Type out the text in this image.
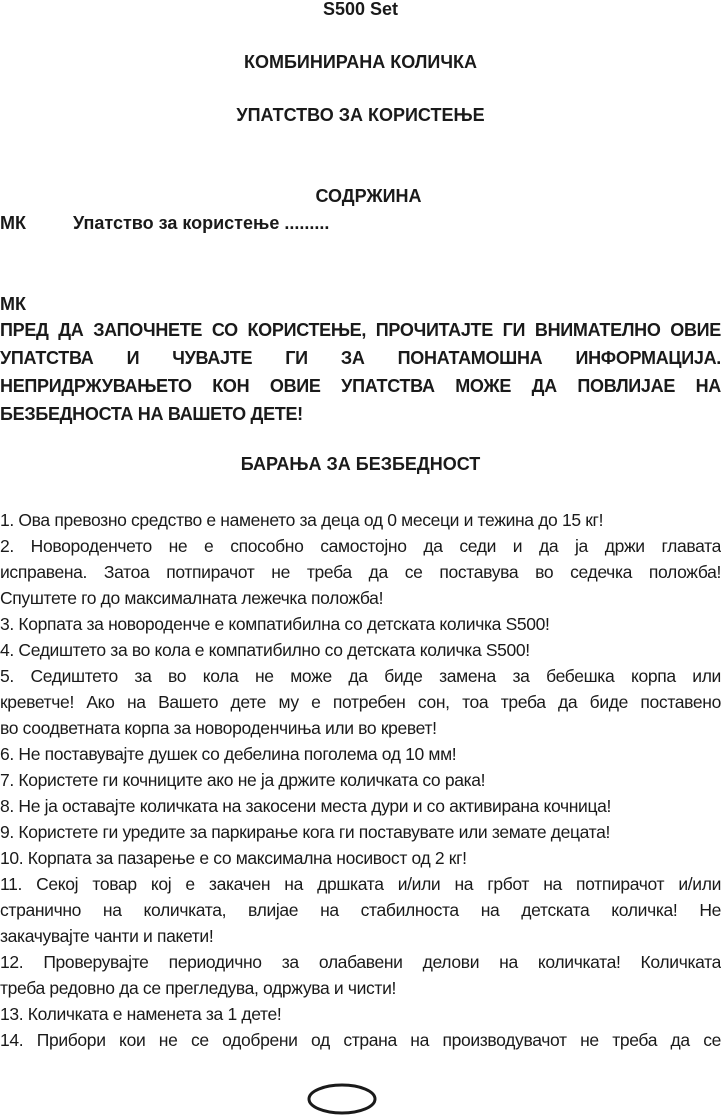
S500 Set
КОМБИНИРАНА КОЛИЧКА
УПАТСТВО ЗА КОРИСТЕЊЕ
СОДРЖИНА
МК	Упатство за користење .........
МК
ПРЕД ДА ЗАПОЧНЕТЕ СО КОРИСТЕЊЕ, ПРОЧИТАЈТЕ ГИ ВНИМАТЕЛНО ОВИЕ
УПАТСТВА И ЧУВАЈТЕ ГИ ЗА ПОНАТАМОШНА ИНФОРМАЦИЈА.
НЕПРИДРЖУВАЊЕТО КОН ОВИЕ УПАТСТВА МОЖЕ ДА ПОВЛИЈАЕ НА
БЕЗБЕДНОСТА НА ВАШЕТО ДЕТЕ!
БАРАЊА ЗА БЕЗБЕДНОСТ
1. Ова превозно средство е наменето за деца од 0 месеци и тежина до 15 кг!
2. Новороденчето не е способно самостојно да седи и да ја држи главата
исправена. Затоа потпирачот не треба да се поставува во седечка положба!
Спуштете го до максималната лежечка положба!
3. Корпата за новороденче е компатибилна со детската количка S500!
4. Седиштето за во кола е компатибилно со детската количка S500!
5. Седиштето за во кола не може да биде замена за бебешка корпа или
креветче! Ако на Вашето дете му е потребен сон, тоа треба да биде поставено
во соодветната корпа за новороденчиња или во кревет!
6. Не поставувајте душек со дебелина поголема од 10 мм!
7. Користете ги кочниците ако не ја држите количката со рака!
8. Не ја оставајте количката на закосени места дури и со активирана кочница!
9. Користете ги уредите за паркирање кога ги поставувате или земате децата!
10. Корпата за пазарење е со максимална носивост од 2 кг!
11. Секој товар кој е закачен на дршката и/или на грбот на потпирачот и/или
странично на количката, влијае на стабилноста на детската количка! Не
закачувајте чанти и пакети!
12. Проверувајте периодично за олабавени делови на количката! Количката
треба редовно да се прегледува, одржува и чисти!
13. Количката е наменета за 1 дете!
14. Прибори кои не се одобрени од страна на производувачот не треба да се
